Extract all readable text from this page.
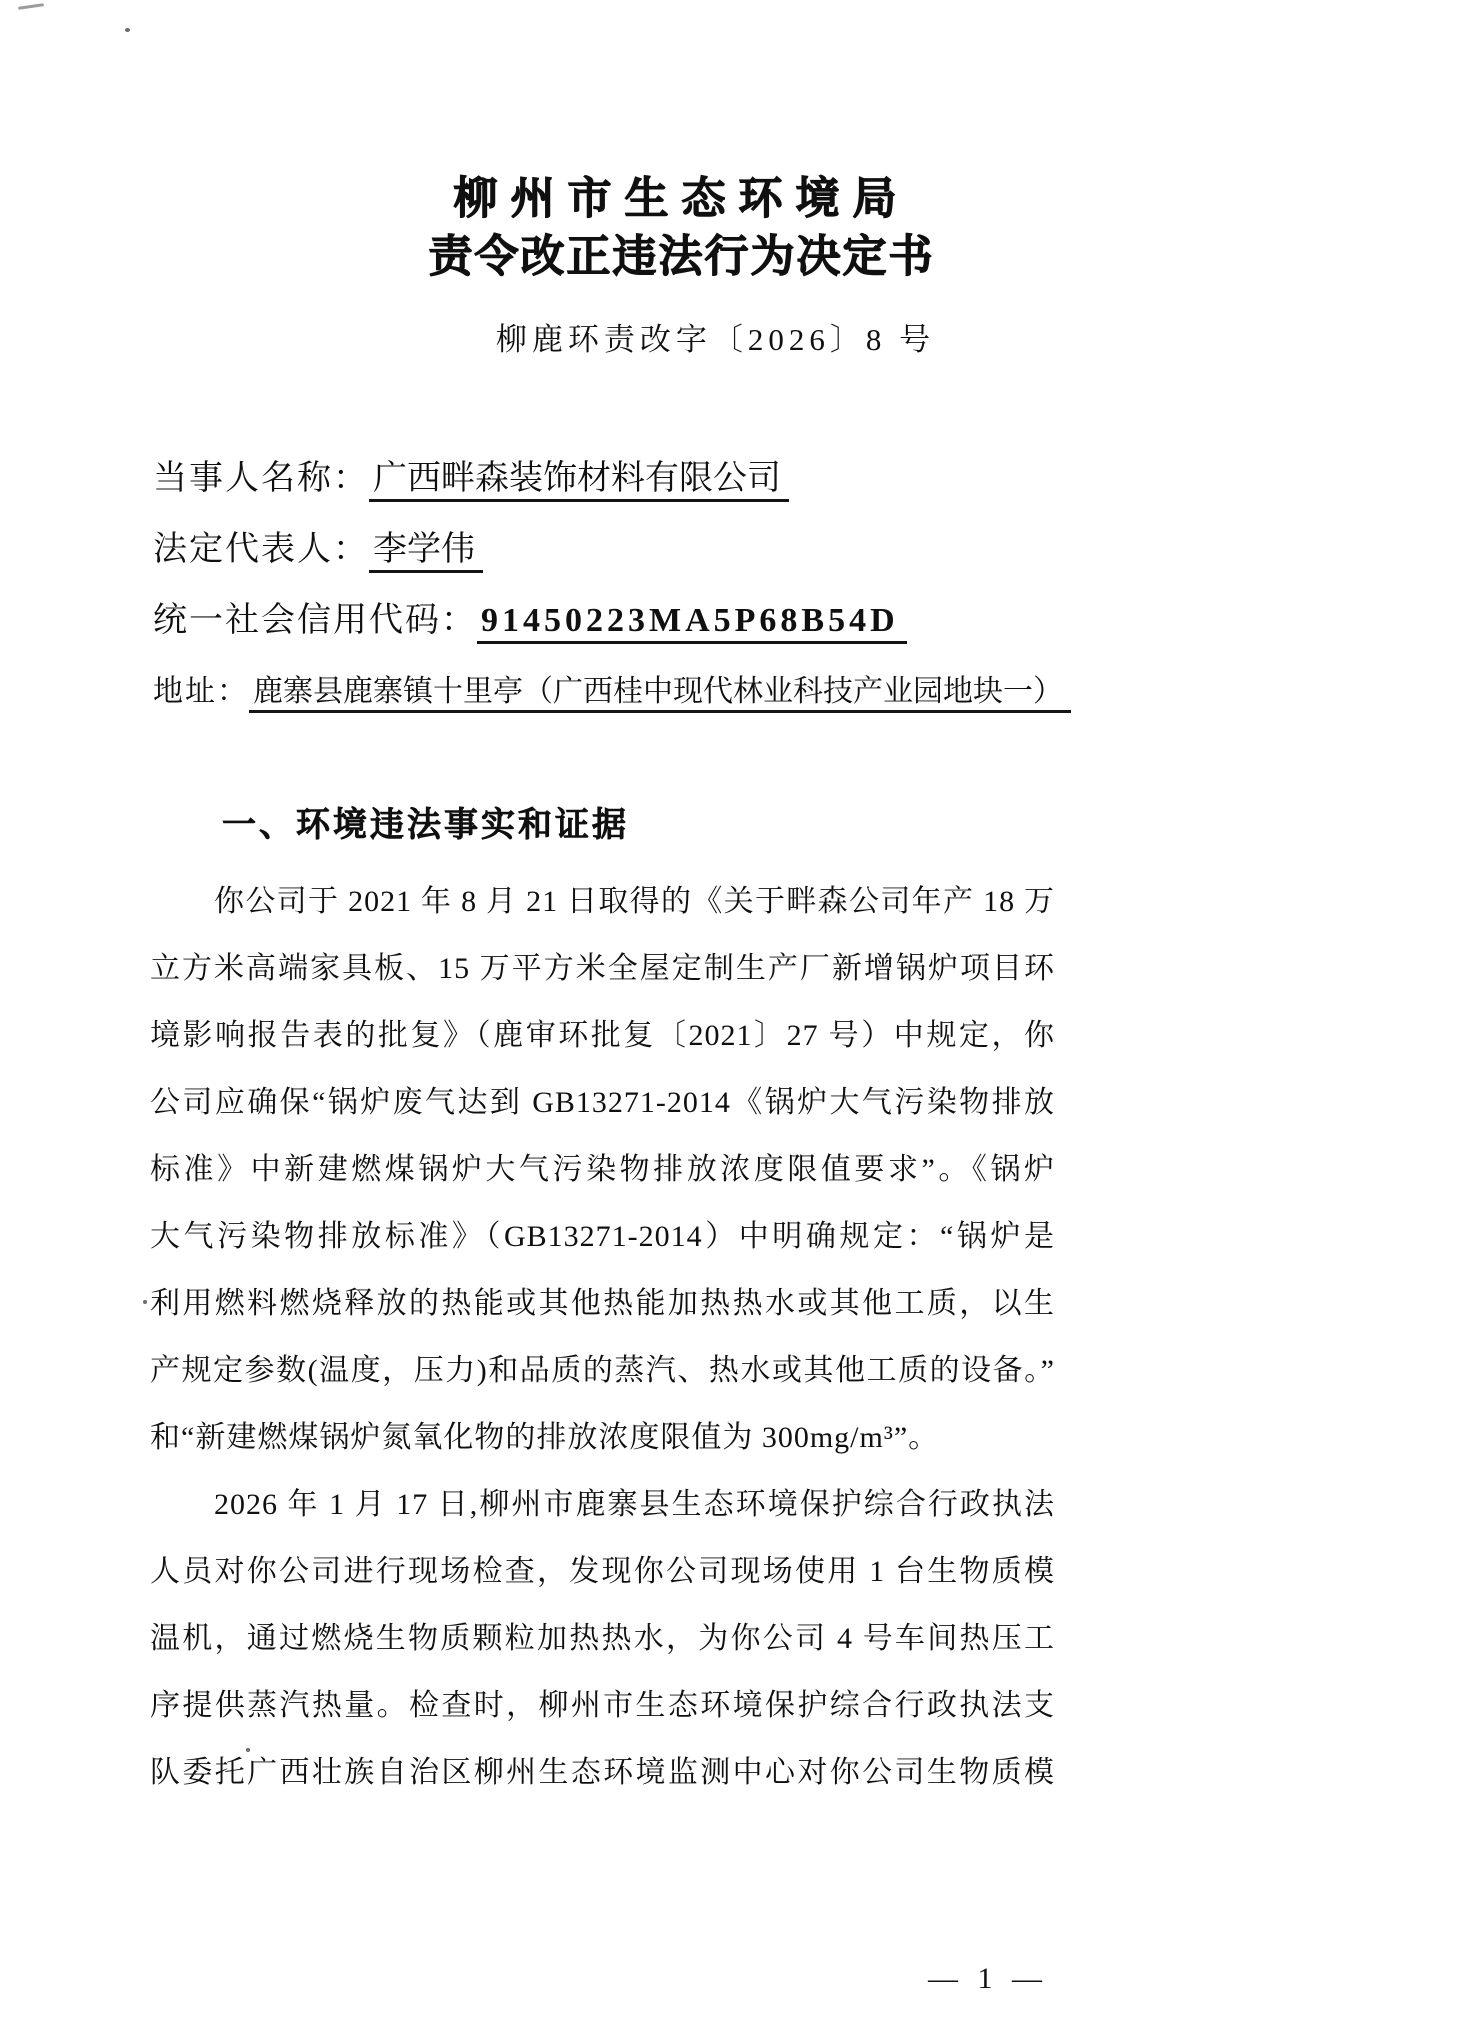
柳州市生态环境局
责令改正违法行为决定书
柳鹿环责改字〔2026〕8 号
当事人名称： 广西畔森装饰材料有限公司
法定代表人： 李学伟
统一社会信用代码： 91450223MA5P68B54D
地址： 鹿寨县鹿寨镇十里亭（广西桂中现代林业科技产业园地块一）
一、环境违法事实和证据
你公司于 2021 年 8 月 21 日取得的《关于畔森公司年产 18 万
立方米高端家具板、15 万平方米全屋定制生产厂新增锅炉项目环
境影响报告表的批复》（鹿审环批复〔2021〕27 号）中规定，你
公司应确保“锅炉废气达到 GB13271-2014《锅炉大气污染物排放
标准》中新建燃煤锅炉大气污染物排放浓度限值要求”。《锅炉
大气污染物排放标准》（GB13271-2014）中明确规定：“锅炉是
利用燃料燃烧释放的热能或其他热能加热热水或其他工质，以生
产规定参数(温度，压力)和品质的蒸汽、热水或其他工质的设备。”
和“新建燃煤锅炉氮氧化物的排放浓度限值为 300mg/m³”。
2026 年 1 月 17 日,柳州市鹿寨县生态环境保护综合行政执法
人员对你公司进行现场检查，发现你公司现场使用 1 台生物质模
温机，通过燃烧生物质颗粒加热热水，为你公司 4 号车间热压工
序提供蒸汽热量。检查时，柳州市生态环境保护综合行政执法支
队委托广西壮族自治区柳州生态环境监测中心对你公司生物质模
— 1 —
